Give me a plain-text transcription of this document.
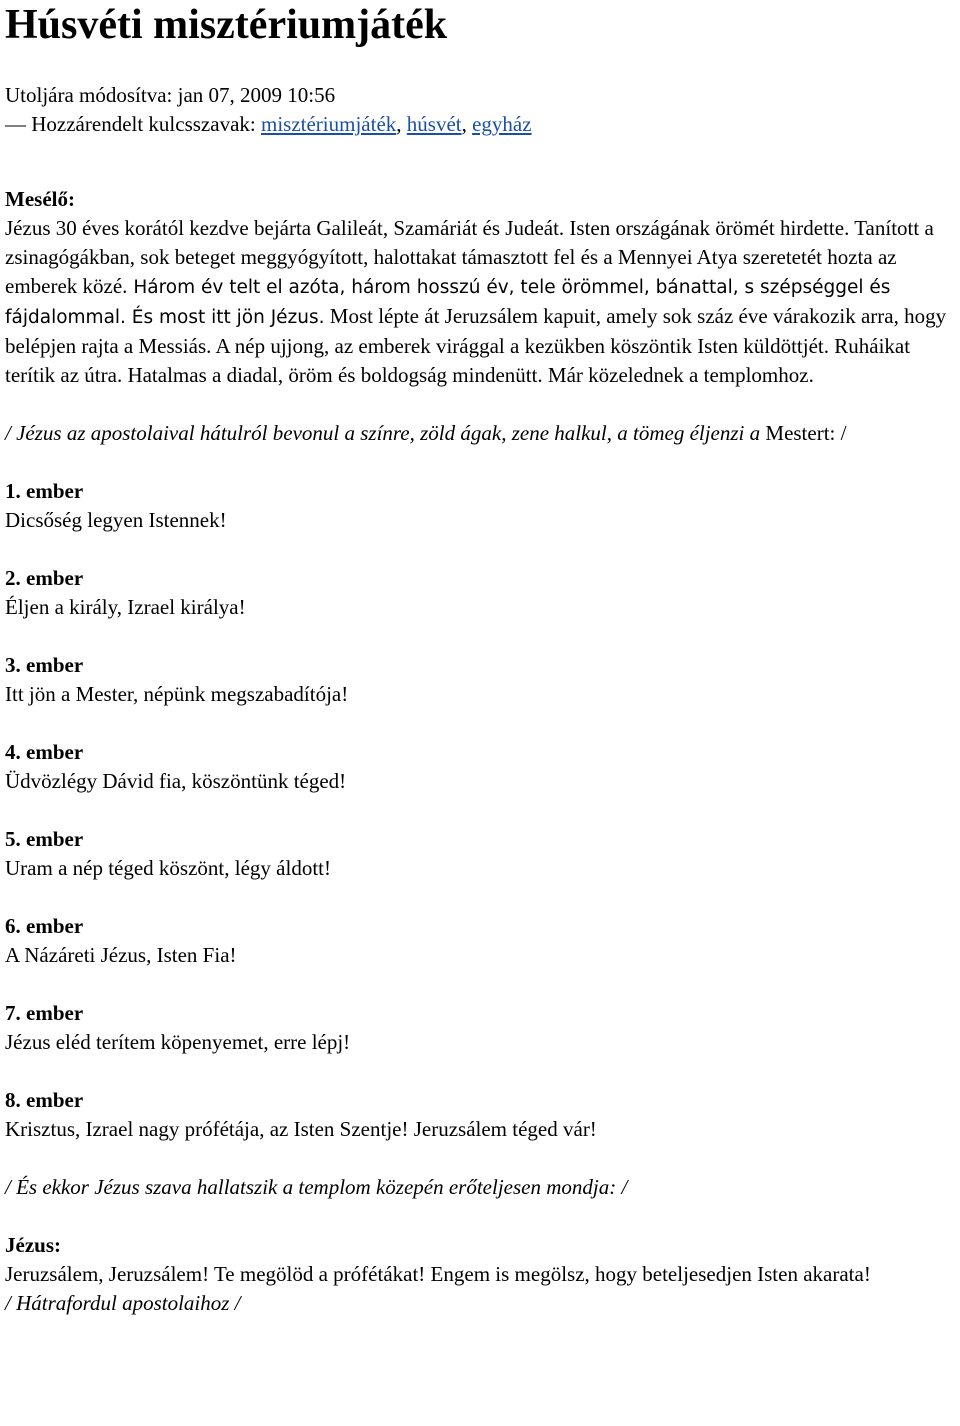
Húsvéti misztériumjáték
Utoljára módosítva: jan 07, 2009 10:56
— Hozzárendelt kulcsszavak: misztériumjáték, húsvét, egyház
Mesélő:

Jézus 30 éves korától kezdve bejárta Galileát, Szamáriát és Judeát. Isten országának örömét hirdette. Tanított a zsinagógákban, sok beteget meggyógyított, halottakat támasztott fel és a Mennyei Atya szeretetét hozta az emberek közé. Három év telt el azóta, három hosszú év, tele örömmel, bánattal, s szépséggel és fájdalommal. És most itt jön Jézus. Most lépte át Jeruzsálem kapuit, amely sok száz éve várakozik arra, hogy belépjen rajta a Messiás. A nép ujjong, az emberek virággal a kezükben köszöntik Isten küldöttjét. Ruháikat terítik az útra. Hatalmas a diadal, öröm és boldogság mindenütt. Már közelednek a templomhoz.

/ Jézus az apostolaival hátulról bevonul a színre, zöld ágak, zene halkul, a tömeg éljenzi a Mestert: /

1. ember

Dicsőség legyen Istennek!

2. ember

Éljen a király, Izrael királya!

3. ember

Itt jön a Mester, népünk megszabadítója!

4. ember

Üdvözlégy Dávid fia, köszöntünk téged!

5. ember

Uram a nép téged köszönt, légy áldott!

6. ember

A Názáreti Jézus, Isten Fia!

7. ember

Jézus eléd terítem köpenyemet, erre lépj!

8. ember

Krisztus, Izrael nagy prófétája, az Isten Szentje! Jeruzsálem téged vár!

/ És ekkor Jézus szava hallatszik a templom közepén erőteljesen mondja: /

Jézus:

Jeruzsálem, Jeruzsálem! Te megölöd a prófétákat! Engem is megölsz, hogy beteljesedjen Isten akarata!

/ Hátrafordul apostolaihoz /
